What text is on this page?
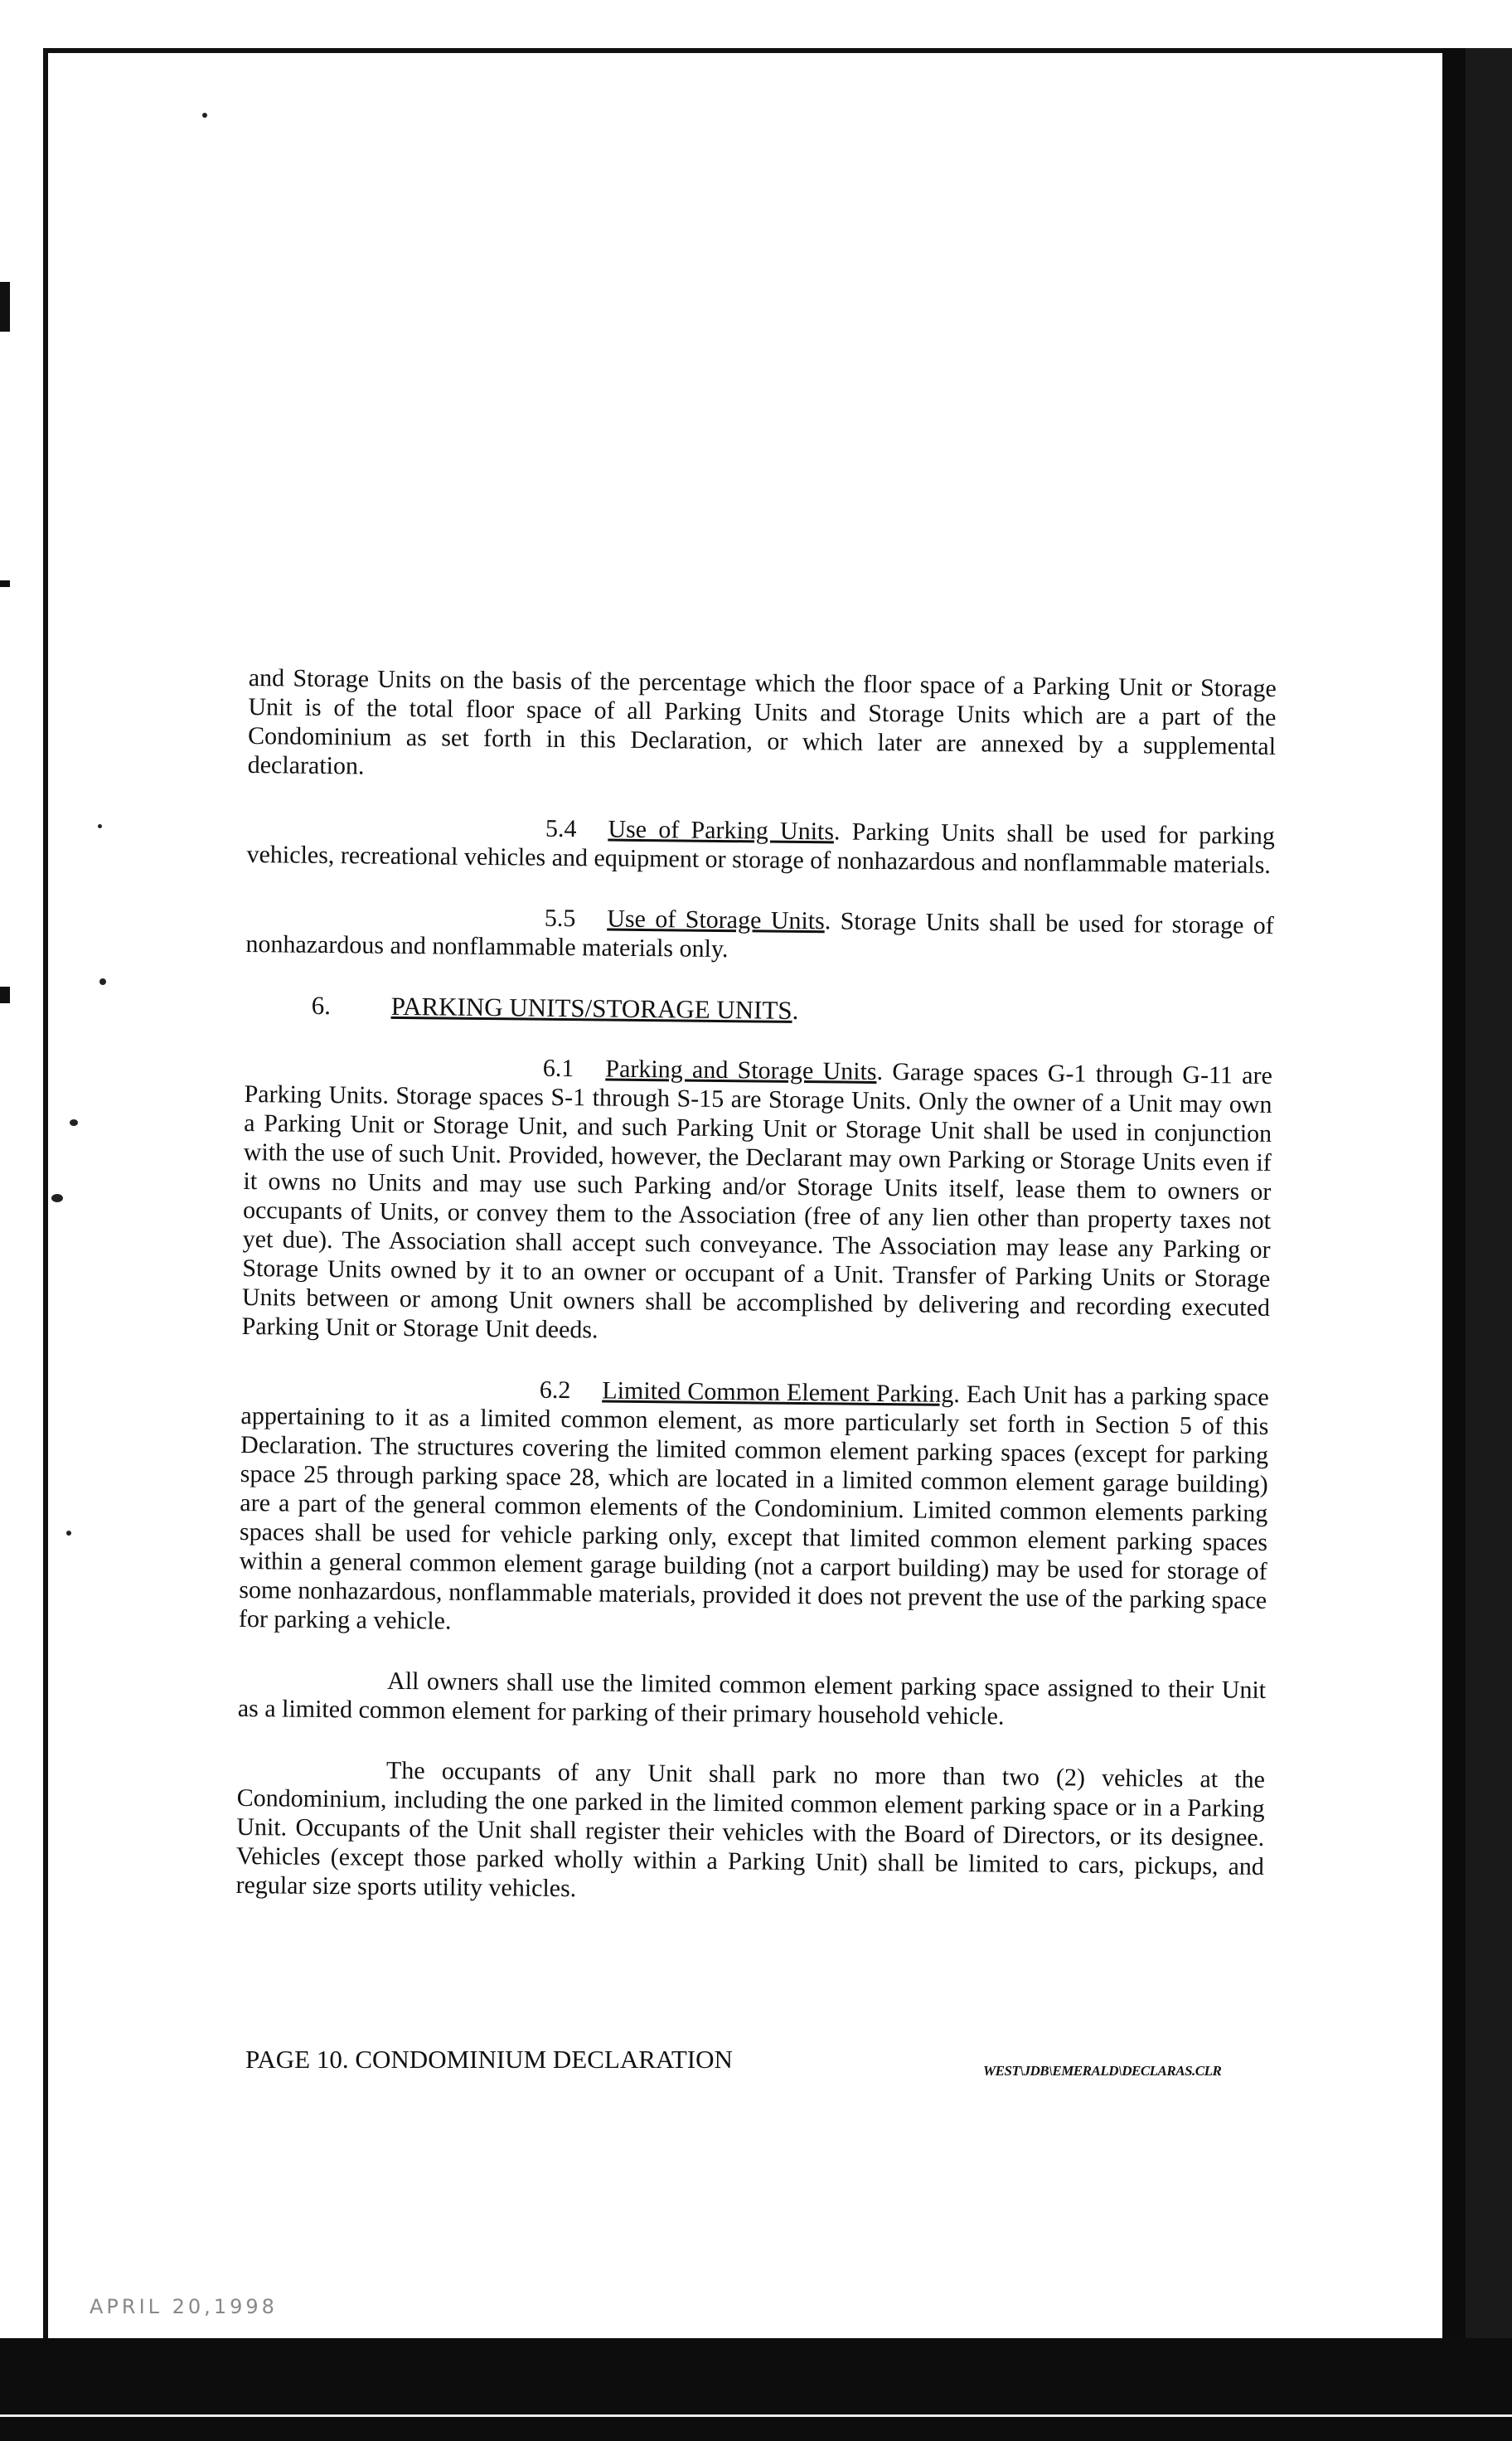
and Storage Units on the basis of the percentage which the floor space of a Parking Unit or Storage Unit is of the total floor space of all Parking Units and Storage Units which are a part of the Condominium as set forth in this Declaration, or which later are annexed by a supplemental declaration.

5.4 Use of Parking Units. Parking Units shall be used for parking vehicles, recreational vehicles and equipment or storage of nonhazardous and nonflammable materials.

5.5 Use of Storage Units. Storage Units shall be used for storage of nonhazardous and nonflammable materials only.

6. PARKING UNITS/STORAGE UNITS.

6.1 Parking and Storage Units. Garage spaces G-1 through G-11 are Parking Units. Storage spaces S-1 through S-15 are Storage Units. Only the owner of a Unit may own a Parking Unit or Storage Unit, and such Parking Unit or Storage Unit shall be used in conjunction with the use of such Unit. Provided, however, the Declarant may own Parking or Storage Units even if it owns no Units and may use such Parking and/or Storage Units itself, lease them to owners or occupants of Units, or convey them to the Association (free of any lien other than property taxes not yet due). The Association shall accept such conveyance. The Association may lease any Parking or Storage Units owned by it to an owner or occupant of a Unit. Transfer of Parking Units or Storage Units between or among Unit owners shall be accomplished by delivering and recording executed Parking Unit or Storage Unit deeds.

6.2 Limited Common Element Parking. Each Unit has a parking space appertaining to it as a limited common element, as more particularly set forth in Section 5 of this Declaration. The structures covering the limited common element parking spaces (except for parking space 25 through parking space 28, which are located in a limited common element garage building) are a part of the general common elements of the Condominium. Limited common elements parking spaces shall be used for vehicle parking only, except that limited common element parking spaces within a general common element garage building (not a carport building) may be used for storage of some nonhazardous, nonflammable materials, provided it does not prevent the use of the parking space for parking a vehicle.

All owners shall use the limited common element parking space assigned to their Unit as a limited common element for parking of their primary household vehicle.

The occupants of any Unit shall park no more than two (2) vehicles at the Condominium, including the one parked in the limited common element parking space or in a Parking Unit. Occupants of the Unit shall register their vehicles with the Board of Directors, or its designee. Vehicles (except those parked wholly within a Parking Unit) shall be limited to cars, pickups, and regular size sports utility vehicles.

PAGE 10. CONDOMINIUM DECLARATION	WEST\JDB\EMERALD\DECLARAS.CLR
APRIL 20,1998
